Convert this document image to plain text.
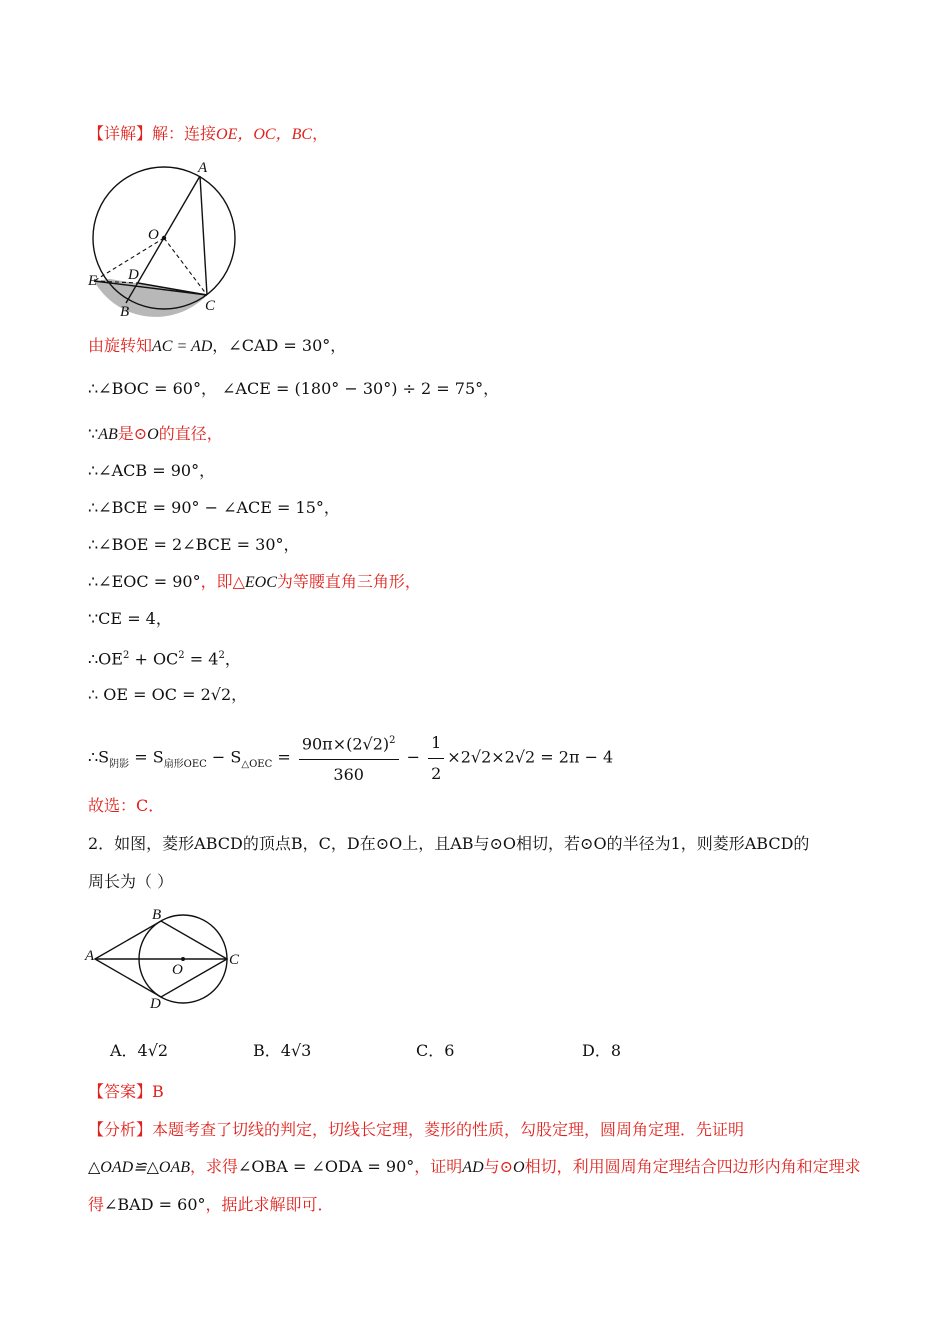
【详解】解：连接OE，OC，BC，
A
O
E D
C
B
由旋转知AC = AD，∠CAD = 30°，
∴∠BOC = 60°， ∠ACE = (180° − 30°) ÷ 2 = 75°，
∵AB是⊙O的直径，
∴∠ACB = 90°，
∴∠BCE = 90° − ∠ACE = 15°，
∴∠BOE = 2∠BCE = 30°，
∴∠EOC = 90°，即△EOC为等腰直角三角形，
∵CE = 4，
$\therefore OE^2 + OC^2 = 4^2$，
∴ OE = OC = 2√2，
$\therefore S_{阴影} = S_{扇形OEC} - S_{\triangle OEC} = \frac{90\pi\times(2√2)^2}{360} - \frac{1}{2} \times 2√2\times 2√2 = 2\pi - 4$
故选：C．
2．如图，菱形ABCD的顶点B，C，D在⊙O上，且AB与⊙O相切，若⊙O的半径为1，则菱形ABCD的
周长为（ ）
A
B
C
D
O
A．4√2	B．4√3	C．6	D．8
【答案】B
【分析】本题考查了切线的判定，切线长定理，菱形的性质，勾股定理，圆周角定理．先证明
△OAD≌△OAB，求得∠OBA = ∠ODA = 90°，证明AD与⊙O相切，利用圆周角定理结合四边形内角和定理求
得∠BAD = 60°，据此求解即可．
